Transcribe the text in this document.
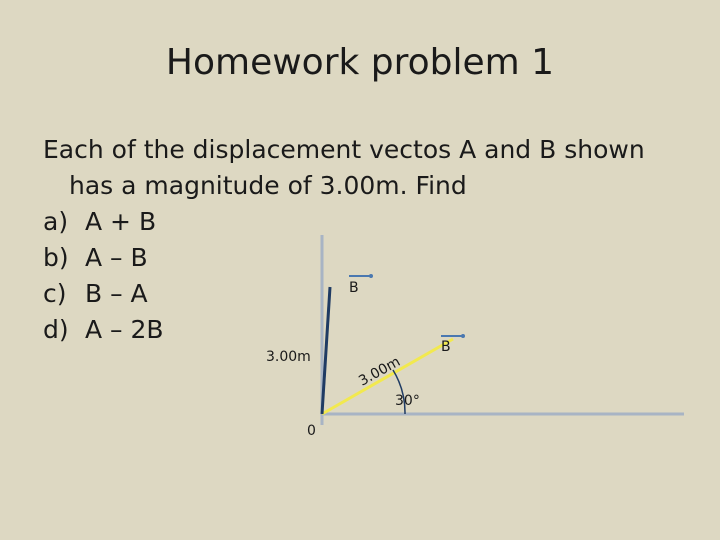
Homework problem 1
Each of the displacement vectos A and B shown
has a magnitude of 3.00m. Find
a) A + B
b) A – B
c) B – A
d) A – 2B
B
B
3.00m	3.00m
30°
0
